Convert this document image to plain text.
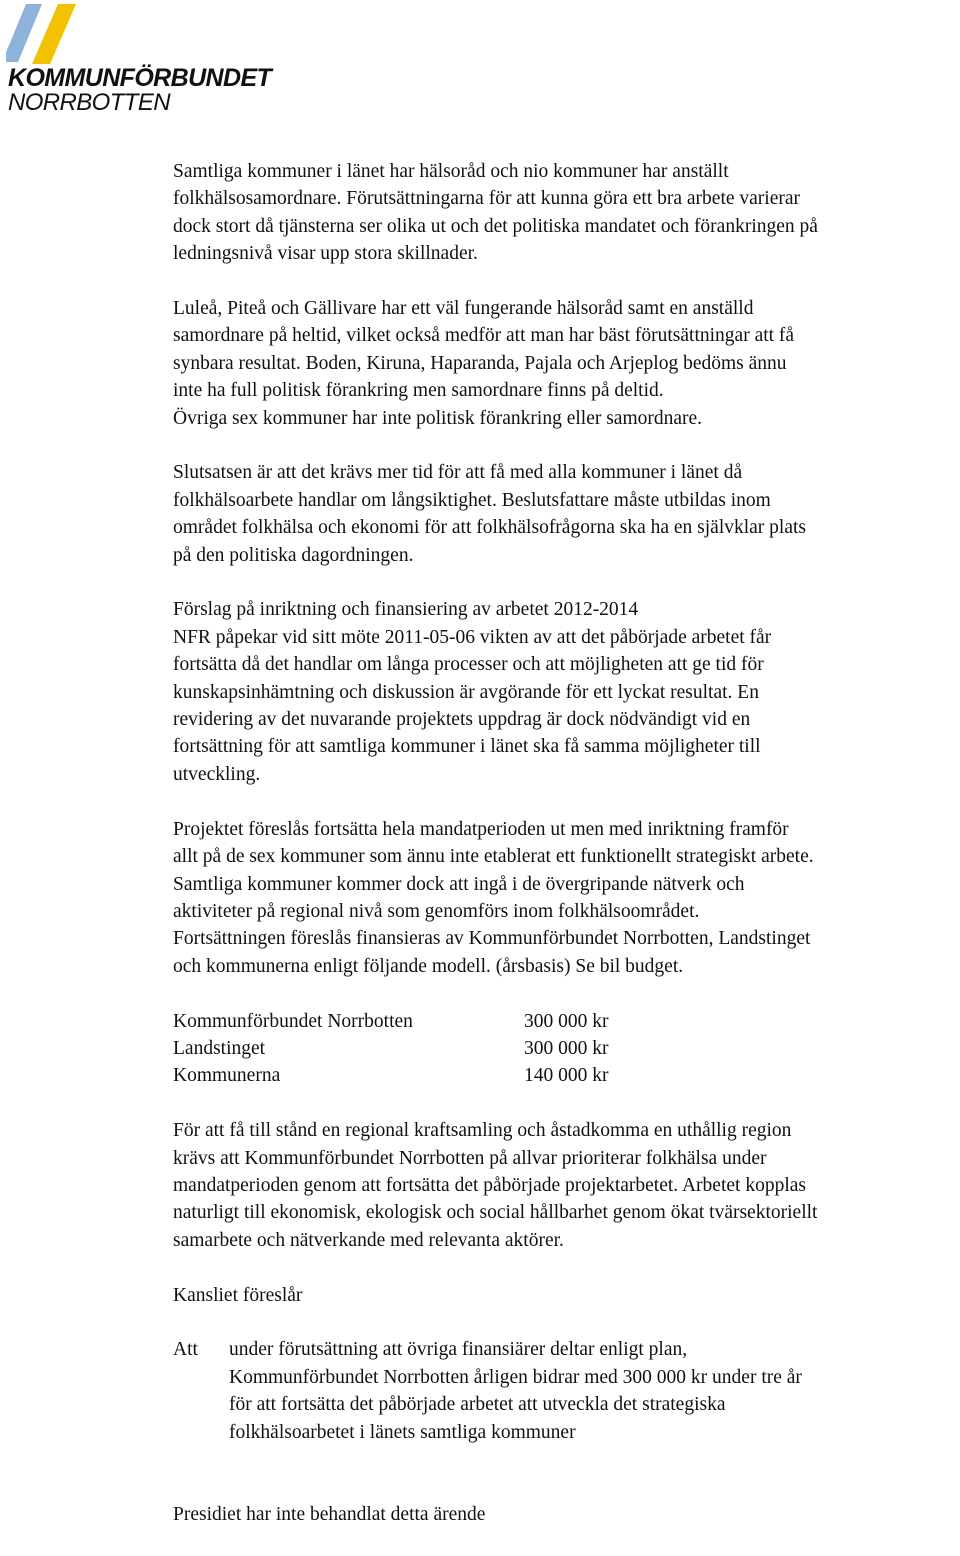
KOMMUNFÖRBUNDET
NORRBOTTEN
Samtliga kommuner i länet har hälsoråd och nio kommuner har anställt
folkhälsosamordnare. Förutsättningarna för att kunna göra ett bra arbete varierar
dock stort då tjänsterna ser olika ut och det politiska mandatet och förankringen på
ledningsnivå visar upp stora skillnader.
Luleå, Piteå och Gällivare har ett väl fungerande hälsoråd samt en anställd
samordnare på heltid, vilket också medför att man har bäst förutsättningar att få
synbara resultat. Boden, Kiruna, Haparanda, Pajala och Arjeplog bedöms ännu
inte ha full politisk förankring men samordnare finns på deltid.
Övriga sex kommuner har inte politisk förankring eller samordnare.
Slutsatsen är att det krävs mer tid för att få med alla kommuner i länet då
folkhälsoarbete handlar om långsiktighet. Beslutsfattare måste utbildas inom
området folkhälsa och ekonomi för att folkhälsofrågorna ska ha en självklar plats
på den politiska dagordningen.
Förslag på inriktning och finansiering av arbetet 2012-2014
NFR påpekar vid sitt möte 2011-05-06 vikten av att det påbörjade arbetet får
fortsätta då det handlar om långa processer och att möjligheten att ge tid för
kunskapsinhämtning och diskussion är avgörande för ett lyckat resultat. En
revidering av det nuvarande projektets uppdrag är dock nödvändigt vid en
fortsättning för att samtliga kommuner i länet ska få samma möjligheter till
utveckling.
Projektet föreslås fortsätta hela mandatperioden ut men med inriktning framför
allt på de sex kommuner som ännu inte etablerat ett funktionellt strategiskt arbete.
Samtliga kommuner kommer dock att ingå i de övergripande nätverk och
aktiviteter på regional nivå som genomförs inom folkhälsoområdet.
Fortsättningen föreslås finansieras av Kommunförbundet Norrbotten, Landstinget
och kommunerna enligt följande modell. (årsbasis) Se bil budget.
Kommunförbundet Norrbotten	300 000 kr
Landstinget	300 000 kr
Kommunerna	140 000 kr
För att få till stånd en regional kraftsamling och åstadkomma en uthållig region
krävs att Kommunförbundet Norrbotten på allvar prioriterar folkhälsa under
mandatperioden genom att fortsätta det påbörjade projektarbetet. Arbetet kopplas
naturligt till ekonomisk, ekologisk och social hållbarhet genom ökat tvärsektoriellt
samarbete och nätverkande med relevanta aktörer.
Kansliet föreslår
Att	under förutsättning att övriga finansiärer deltar enligt plan,
Kommunförbundet Norrbotten årligen bidrar med 300 000 kr under tre år
för att fortsätta det påbörjade arbetet att utveckla det strategiska
folkhälsoarbetet i länets samtliga kommuner
Presidiet har inte behandlat detta ärende
